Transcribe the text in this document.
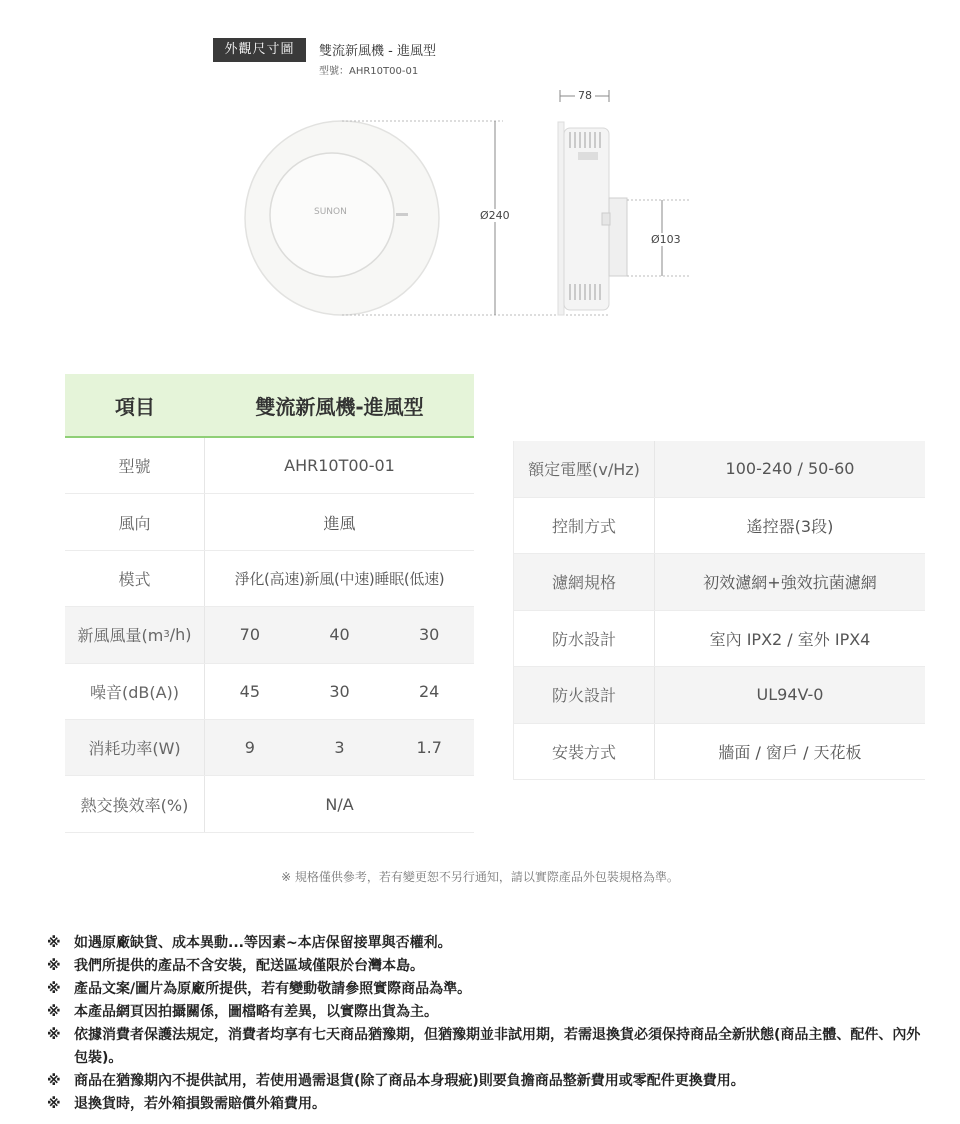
外觀尺寸圖	雙流新風機 - 進風型
型號：AHR10T00-01
SUNON
78
Ø240
Ø103
項目	雙流新風機-進風型
型號	AHR10T00-01
風向	進風
模式	淨化(高速)新風(中速)睡眠(低速)
新風風量(m 3 /h)	70	40	30
噪音(dB(A))	45	30	24
消耗功率(W)	9	3	1.7
熱交換效率(%)	N/A
額定電壓(v/Hz)	100-240 / 50-60
控制方式	遙控器(3段)
濾網規格	初效濾網+強效抗菌濾網
防水設計	室內 IPX2 / 室外 IPX4
防火設計	UL94V-0
安裝方式	牆面 / 窗戶 / 天花板
※ 規格僅供參考，若有變更恕不另行通知，請以實際產品外包裝規格為準。
※ 如遇原廠缺貨、成本異動...等因素~本店保留接單與否權利。
※ 我們所提供的產品不含安裝，配送區域僅限於台灣本島。
※ 產品文案/圖片為原廠所提供，若有變動敬請參照實際商品為準。
※ 本產品網頁因拍攝關係，圖檔略有差異，以實際出貨為主。
※ 依據消費者保護法規定，消費者均享有七天商品猶豫期，但猶豫期並非試用期，若需退換貨必須保持商品全新狀態(商品主體、配件、內外包裝)。
※ 商品在猶豫期內不提供試用，若使用過需退貨(除了商品本身瑕疵)則要負擔商品整新費用或零配件更換費用。
※ 退換貨時，若外箱損毀需賠償外箱費用。
